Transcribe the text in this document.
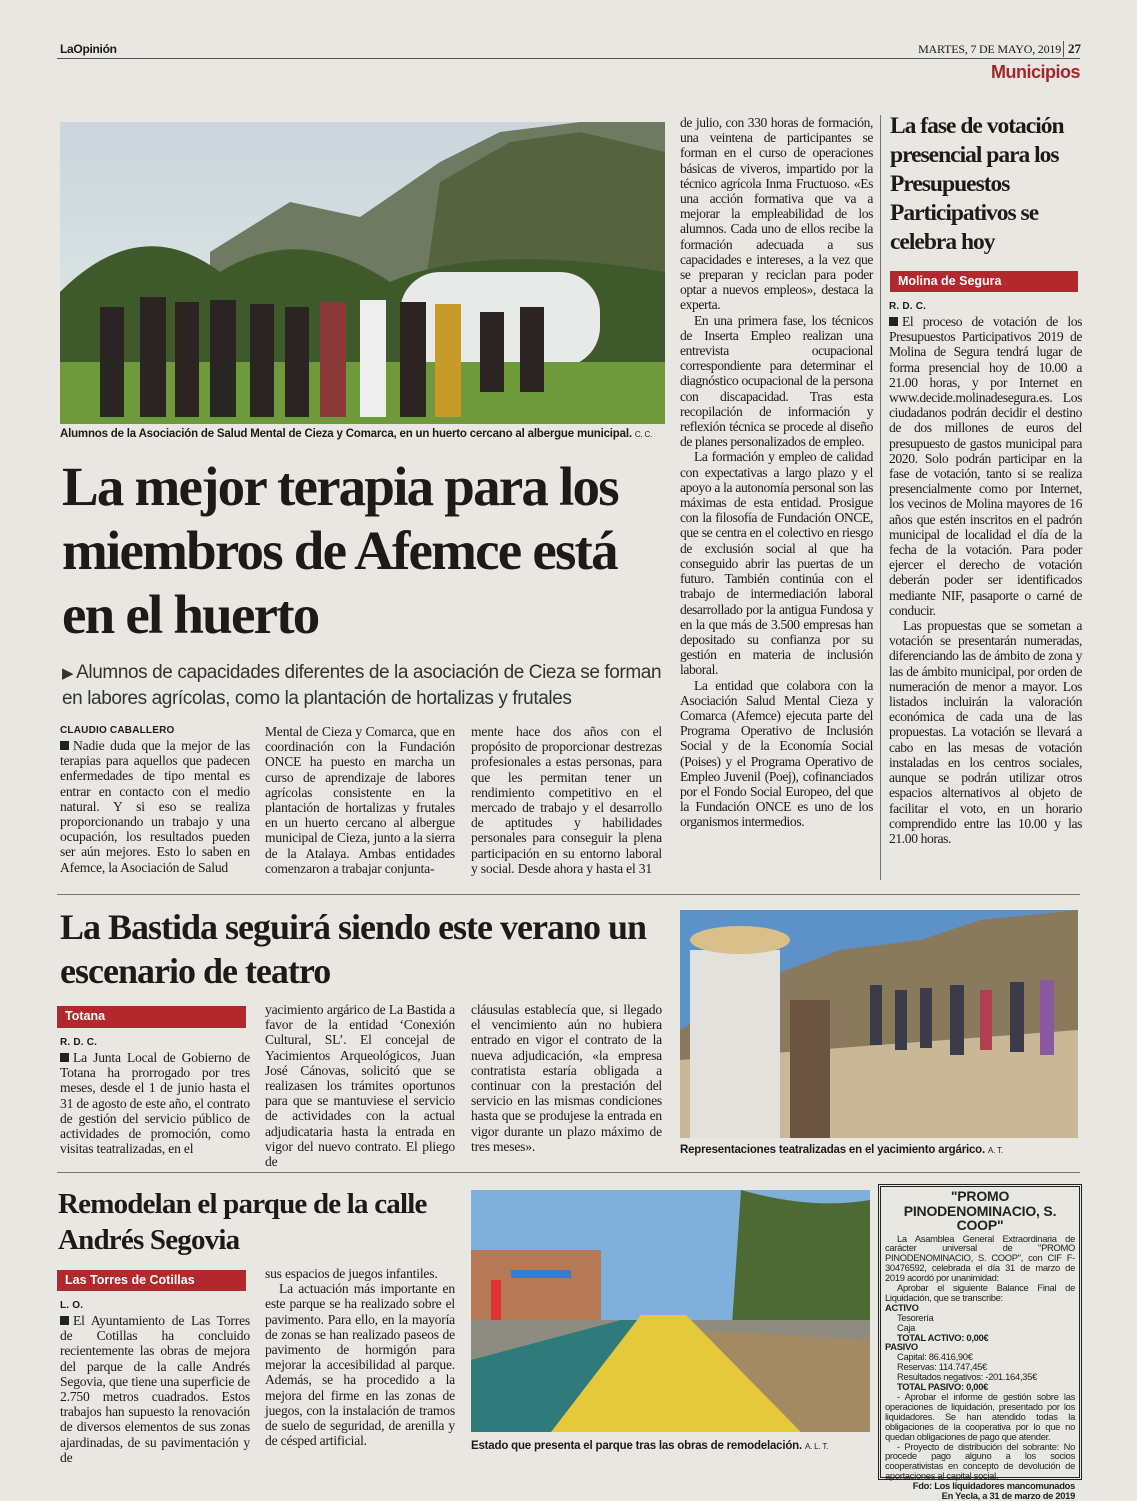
LaOpinión	MARTES, 7 DE MAYO, 2019 27
Municipios
Alumnos de la Asociación de Salud Mental de Cieza y Comarca, en un huerto cercano al albergue municipal. C. C.
La mejor terapia para los miembros de Afemce está en el huerto
▶ Alumnos de capacidades diferentes de la asociación de Cieza se forman en labores agrícolas, como la plantación de hortalizas y frutales
CLAUDIO CABALLERO

Nadie duda que la mejor de las terapias para aquellos que padecen enfermedades de tipo mental es entrar en contacto con el medio natural. Y si eso se realiza proporcionando un trabajo y una ocupación, los resultados pueden ser aún mejores. Esto lo saben en Afemce, la Asociación de Salud

Mental de Cieza y Comarca, que en coordinación con la Fundación ONCE ha puesto en marcha un curso de aprendizaje de labores agrícolas consistente en la plantación de hortalizas y frutales en un huerto cercano al albergue municipal de Cieza, junto a la sierra de la Atalaya. Ambas entidades comenzaron a trabajar conjunta-

mente hace dos años con el propósito de proporcionar destrezas profesionales a estas personas, para que les permitan tener un rendimiento competitivo en el mercado de trabajo y el desarrollo de aptitudes y habilidades personales para conseguir la plena participación en su entorno laboral y social. Desde ahora y hasta el 31

de julio, con 330 horas de formación, una veintena de participantes se forman en el curso de operaciones básicas de viveros, impartido por la técnico agrícola Inma Fructuoso. «Es una acción formativa que va a mejorar la empleabilidad de los alumnos. Cada uno de ellos recibe la formación adecuada a sus capacidades e intereses, a la vez que se preparan y reciclan para poder optar a nuevos empleos», destaca la experta.

En una primera fase, los técnicos de Inserta Empleo realizan una entrevista ocupacional correspondiente para determinar el diagnóstico ocupacional de la persona con discapacidad. Tras esta recopilación de información y reflexión técnica se procede al diseño de planes personalizados de empleo.

La formación y empleo de calidad con expectativas a largo plazo y el apoyo a la autonomía personal son las máximas de esta entidad. Prosigue con la filosofía de Fundación ONCE, que se centra en el colectivo en riesgo de exclusión social al que ha conseguido abrir las puertas de un futuro. También continúa con el trabajo de intermediación laboral desarrollado por la antigua Fundosa y en la que más de 3.500 empresas han depositado su confianza por su gestión en materia de inclusión laboral.

La entidad que colabora con la Asociación Salud Mental Cieza y Comarca (Afemce) ejecuta parte del Programa Operativo de Inclusión Social y de la Economía Social (Poises) y el Programa Operativo de Empleo Juvenil (Poej), cofinanciados por el Fondo Social Europeo, del que la Fundación ONCE es uno de los organismos intermedios.

La fase de votación presencial para los Presupuestos Participativos se celebra hoy
Molina de Segura
R. D. C.

El proceso de votación de los Presupuestos Participativos 2019 de Molina de Segura tendrá lugar de forma presencial hoy de 10.00 a 21.00 horas, y por Internet en www.decide.molinadesegura.es. Los ciudadanos podrán decidir el destino de dos millones de euros del presupuesto de gastos municipal para 2020. Solo podrán participar en la fase de votación, tanto si se realiza presencialmente como por Internet, los vecinos de Molina mayores de 16 años que estén inscritos en el padrón municipal de localidad el día de la fecha de la votación. Para poder ejercer el derecho de votación deberán poder ser identificados mediante NIF, pasaporte o carné de conducir.

Las propuestas que se sometan a votación se presentarán numeradas, diferenciando las de ámbito de zona y las de ámbito municipal, por orden de numeración de menor a mayor. Los listados incluirán la valoración económica de cada una de las propuestas. La votación se llevará a cabo en las mesas de votación instaladas en los centros sociales, aunque se podrán utilizar otros espacios alternativos al objeto de facilitar el voto, en un horario comprendido entre las 10.00 y las 21.00 horas.

La Bastida seguirá siendo este verano un escenario de teatro
Totana
R. D. C.

La Junta Local de Gobierno de Totana ha prorrogado por tres meses, desde el 1 de junio hasta el 31 de agosto de este año, el contrato de gestión del servicio público de actividades de promoción, como visitas teatralizadas, en el

yacimiento argárico de La Bastida a favor de la entidad ‘Conexión Cultural, SL’. El concejal de Yacimientos Arqueológicos, Juan José Cánovas, solicitó que se realizasen los trámites oportunos para que se mantuviese el servicio de actividades con la actual adjudicataria hasta la entrada en vigor del nuevo contrato. El pliego de

cláusulas establecía que, si llegado el vencimiento aún no hubiera entrado en vigor el contrato de la nueva adjudicación, «la empresa contratista estaría obligada a continuar con la prestación del servicio en las mismas condiciones hasta que se produjese la entrada en vigor durante un plazo máximo de tres meses».	Representaciones teatralizadas en el yacimiento argárico. A. T.
Remodelan el parque de la calle Andrés Segovia
Las Torres de Cotillas
L. O.

El Ayuntamiento de Las Torres de Cotillas ha concluido recientemente las obras de mejora del parque de la calle Andrés Segovia, que tiene una superficie de 2.750 metros cuadrados. Estos trabajos han supuesto la renovación de diversos elementos de sus zonas ajardinadas, de su pavimentación y de

sus espacios de juegos infantiles.

La actuación más importante en este parque se ha realizado sobre el pavimento. Para ello, en la mayoría de zonas se han realizado paseos de pavimento de hormigón para mejorar la accesibilidad al parque. Además, se ha procedido a la mejora del firme en las zonas de juegos, con la instalación de tramos de suelo de seguridad, de arenilla y de césped artificial.	Estado que presenta el parque tras las obras de remodelación. A. L. T.
"PROMO PINODENOMINACIO, S. COOP"

La Asamblea General Extraordinaria de carácter universal de "PROMO PINODENOMINACIO, S. COOP", con CIF F-30476592, celebrada el día 31 de marzo de 2019 acordó por unanimidad:

Aprobar el siguiente Balance Final de Liquidación, que se transcribe:

ACTIVO

Tesorería

Caja

TOTAL ACTIVO: 0,00€

PASIVO

Capital: 86.416,90€

Reservas: 114.747,45€

Resultados negativos: -201.164,35€

TOTAL PASIVO: 0,00€

- Aprobar el informe de gestión sobre las operaciones de liquidación, presentado por los liquidadores. Se han atendido todas la obligaciones de la cooperativa por lo que no quedan obligaciones de pago que atender.

- Proyecto de distribución del sobrante: No procede pago alguno a los socios cooperativistas en concepto de devolución de aportaciones al capital social.

Fdo: Los liquidadores mancomunados

En Yecla, a 31 de marzo de 2019
